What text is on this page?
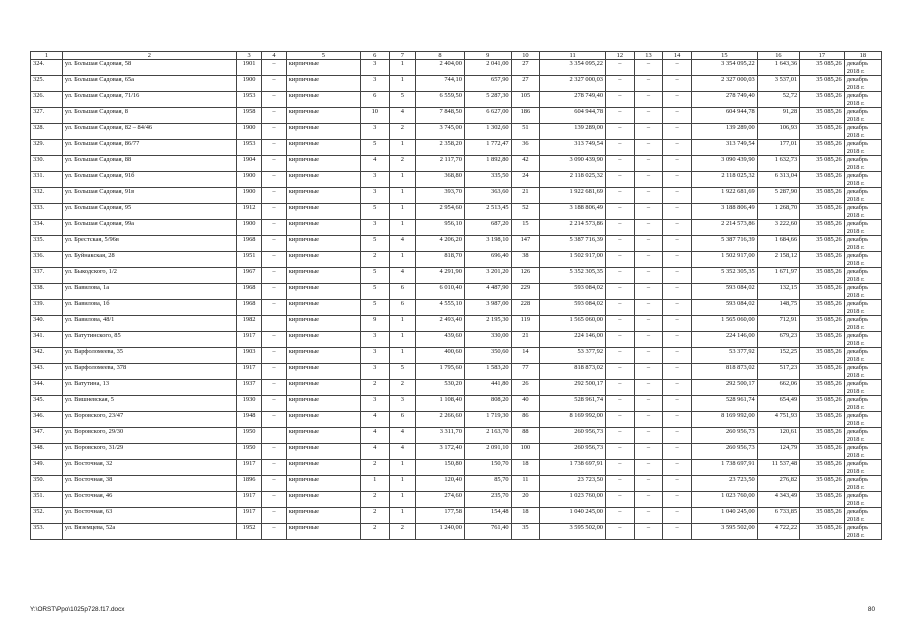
1	2	3	4	5	6	7	8	9	10	11	12	13	14	15	16	17	18
324.	ул. Большая Садовая, 58	1901	–	кирпичные	3	1	2 404,00	2 041,00	27	3 354 095,22	–	–	–	3 354 095,22	1 643,36	35 085,26	декабрь 2018 г.
325.	ул. Большая Садовая, 65а	1900	–	кирпичные	3	1	744,10	657,90	27	2 327 000,03	–	–	–	2 327 000,03	3 537,01	35 085,26	декабрь 2018 г.
326.	ул. Большая Садовая, 71/16	1953	–	кирпичные	6	5	6 559,50	5 287,30	105	278 749,40	–	–	–	278 749,40	52,72	35 085,26	декабрь 2018 г.
327.	ул. Большая Садовая, 8	1958	–	кирпичные	10	4	7 848,50	6 627,00	186	604 944,78	–	–	–	604 944,78	91,28	35 085,26	декабрь 2018 г.
328.	ул. Большая Садовая, 82 – 84/46	1900	–	кирпичные	3	2	3 745,00	1 302,60	51	139 289,00	–	–	–	139 289,00	106,93	35 085,26	декабрь 2018 г.
329.	ул. Большая Садовая, 86/77	1953	–	кирпичные	5	1	2 358,20	1 772,47	36	313 749,54	–	–	–	313 749,54	177,01	35 085,26	декабрь 2018 г.
330.	ул. Большая Садовая, 88	1904	–	кирпичные	4	2	2 117,70	1 892,80	42	3 090 439,90	–	–	–	3 090 439,90	1 632,73	35 085,26	декабрь 2018 г.
331.	ул. Большая Садовая, 91б	1900	–	кирпичные	3	1	368,80	335,50	24	2 118 025,32	–	–	–	2 118 025,32	6 313,04	35 085,26	декабрь 2018 г.
332.	ул. Большая Садовая, 91в	1900	–	кирпичные	3	1	393,70	363,60	21	1 922 681,69	–	–	–	1 922 681,69	5 287,90	35 085,26	декабрь 2018 г.
333.	ул. Большая Садовая, 95	1912	–	кирпичные	5	1	2 954,60	2 513,45	52	3 188 806,49	–	–	–	3 188 806,49	1 268,70	35 085,26	декабрь 2018 г.
334.	ул. Большая Садовая, 99а	1900	–	кирпичные	3	1	956,10	687,20	15	2 214 573,86	–	–	–	2 214 573,86	3 222,60	35 085,26	декабрь 2018 г.
335.	ул. Брестская, 5/96в	1968	–	кирпичные	5	4	4 206,20	3 198,10	147	5 387 716,39	–	–	–	5 387 716,39	1 684,66	35 085,26	декабрь 2018 г.
336.	ул. Буйнакская, 28	1951	–	кирпичные	2	1	818,70	696,40	38	1 502 917,00	–	–	–	1 502 917,00	2 158,12	35 085,26	декабрь 2018 г.
337.	ул. Быкодского, 1/2	1967	–	кирпичные	5	4	4 291,90	3 201,20	126	5 352 305,35	–	–	–	5 352 305,35	1 671,97	35 085,26	декабрь 2018 г.
338.	ул. Вавилова, 1а	1968	–	кирпичные	5	6	6 010,40	4 487,90	229	593 084,02	–	–	–	593 084,02	132,15	35 085,26	декабрь 2018 г.
339.	ул. Вавилова, 1б	1968	–	кирпичные	5	6	4 555,10	3 987,00	228	593 084,02	–	–	–	593 084,02	148,75	35 085,26	декабрь 2018 г.
340.	ул. Вавилова, 48/1	1982		кирпичные	9	1	2 493,40	2 195,30	119	1 565 060,00	–	–	–	1 565 060,00	712,91	35 085,26	декабрь 2018 г.
341.	ул. Ватутинского, 85	1917	–	кирпичные	3	1	439,60	330,00	21	224 146,00	–	–	–	224 146,00	679,23	35 085,26	декабрь 2018 г.
342.	ул. Варфоломеева, 35	1903	–	кирпичные	3	1	400,60	350,60	14	53 377,92	–	–	–	53 377,92	152,25	35 085,26	декабрь 2018 г.
343.	ул. Варфоломеева, 378	1917	–	кирпичные	3	5	1 795,60	1 583,20	77	818 873,02	–	–	–	818 873,02	517,23	35 085,26	декабрь 2018 г.
344.	ул. Ватутина, 13	1937	–	кирпичные	2	2	530,20	441,80	26	292 500,17	–	–	–	292 500,17	662,06	35 085,26	декабрь 2018 г.
345.	ул. Вишневская, 5	1930	–	кирпичные	3	3	1 108,40	808,20	40	528 961,74	–	–	–	528 961,74	654,49	35 085,26	декабрь 2018 г.
346.	ул. Воровского, 23/47	1948	–	кирпичные	4	6	2 266,60	1 719,30	86	8 169 992,00	–	–	–	8 169 992,00	4 751,93	35 085,26	декабрь 2018 г.
347.	ул. Воровского, 29/30	1950		кирпичные	4	4	3 311,70	2 163,70	88	260 956,73	–	–	–	260 956,73	120,61	35 085,26	декабрь 2018 г.
348.	ул. Воровского, 31/29	1950	–	кирпичные	4	4	3 172,40	2 091,10	100	260 956,73	–	–	–	260 956,73	124,79	35 085,26	декабрь 2018 г.
349.	ул. Восточная, 32	1917	–	кирпичные	2	1	150,80	150,70	18	1 738 697,91	–	–	–	1 738 697,91	11 537,48	35 085,26	декабрь 2018 г.
350.	ул. Восточная, 38	1896	–	кирпичные	1	1	120,40	85,70	11	23 723,50	–	–	–	23 723,50	276,82	35 085,26	декабрь 2018 г.
351.	ул. Восточная, 46	1917	–	кирпичные	2	1	274,60	235,70	20	1 023 760,00	–	–	–	1 023 760,00	4 343,49	35 085,26	декабрь 2018 г.
352.	ул. Восточная, 63	1917	–	кирпичные	2	1	177,58	154,48	18	1 040 245,00	–	–	–	1 040 245,00	6 733,85	35 085,26	декабрь 2018 г.
353.	ул. Вяземцева, 52а	1952	–	кирпичные	2	2	1 240,00	761,40	35	3 595 502,00	–	–	–	3 595 502,00	4 722,22	35 085,26	декабрь 2018 г.
Y:\ORST\Ppo\1025p728.f17.docx	80
